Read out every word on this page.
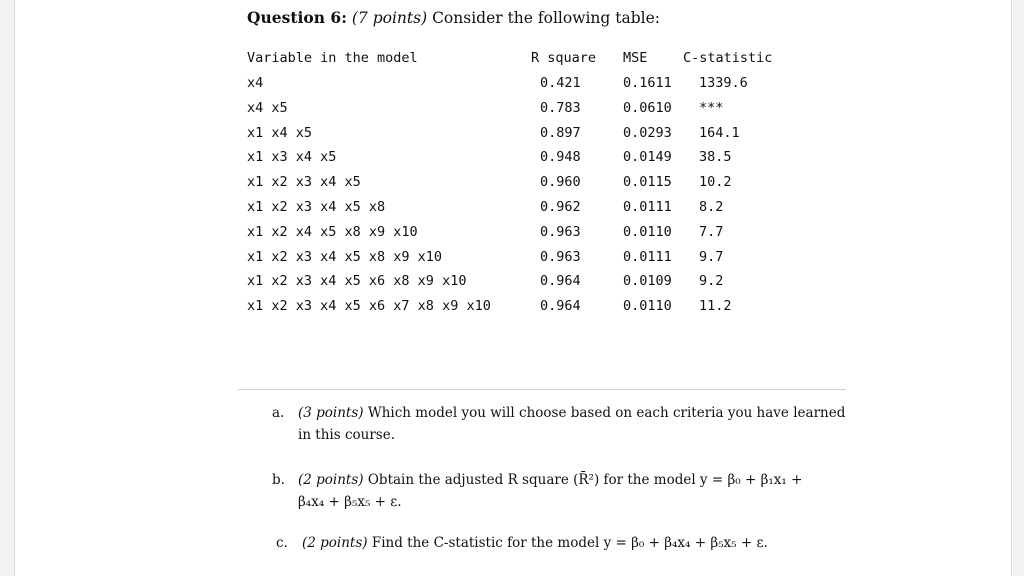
Question 6: (7 points) Consider the following table:
Variable in the model	R square MSE	C-statistic
x4	0.421	0.1611 1339.6
x4 x5	0.783	0.0610 ***
x1 x4 x5	0.897	0.0293 164.1
x1 x3 x4 x5	0.948	0.0149 38.5
x1 x2 x3 x4 x5	0.960	0.0115 10.2
x1 x2 x3 x4 x5 x8	0.962	0.0111 8.2
x1 x2 x4 x5 x8 x9 x10	0.963	0.0110 7.7
x1 x2 x3 x4 x5 x8 x9 x10	0.963	0.0111 9.7
x1 x2 x3 x4 x5 x6 x8 x9 x10	0.964	0.0109 9.2
x1 x2 x3 x4 x5 x6 x7 x8 x9 x10	0.964	0.0110 11.2
a. (3 points) Which model you will choose based on each criteria you have learned
in this course.
b. (2 points) Obtain the adjusted R square (R̄²) for the model y = β₀ + β₁x₁ +
β₄x₄ + β₅x₅ + ε.
c. (2 points) Find the C-statistic for the model y = β₀ + β₄x₄ + β₅x₅ + ε.
